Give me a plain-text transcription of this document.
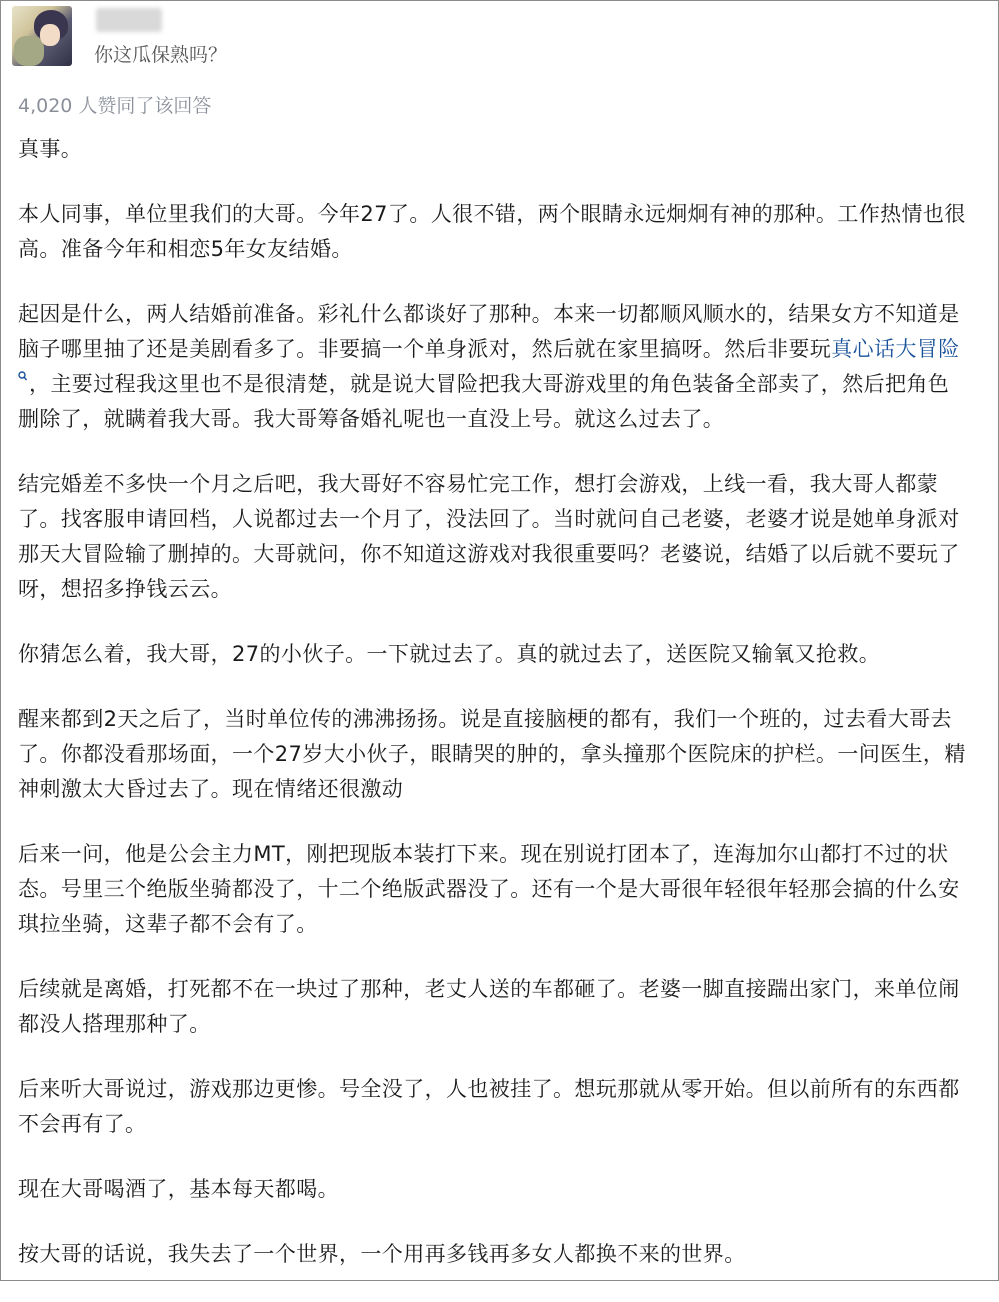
你这瓜保熟吗？
4,020 人赞同了该回答

真事。

本人同事，单位里我们的大哥。今年27了。人很不错，两个眼睛永远炯炯有神的那种。工作热情也很高。准备今年和相恋5年女友结婚。

起因是什么，两人结婚前准备。彩礼什么都谈好了那种。本来一切都顺风顺水的，结果女方不知道是脑子哪里抽了还是美剧看多了。非要搞一个单身派对，然后就在家里搞呀。然后非要玩真心话大冒险，主要过程我这里也不是很清楚，就是说大冒险把我大哥游戏里的角色装备全部卖了，然后把角色删除了，就瞒着我大哥。我大哥筹备婚礼呢也一直没上号。就这么过去了。

结完婚差不多快一个月之后吧，我大哥好不容易忙完工作，想打会游戏，上线一看，我大哥人都蒙了。找客服申请回档，人说都过去一个月了，没法回了。当时就问自己老婆，老婆才说是她单身派对那天大冒险输了删掉的。大哥就问，你不知道这游戏对我很重要吗？老婆说，结婚了以后就不要玩了呀，想招多挣钱云云。

你猜怎么着，我大哥，27的小伙子。一下就过去了。真的就过去了，送医院又输氧又抢救。

醒来都到2天之后了，当时单位传的沸沸扬扬。说是直接脑梗的都有，我们一个班的，过去看大哥去了。你都没看那场面，一个27岁大小伙子，眼睛哭的肿的，拿头撞那个医院床的护栏。一问医生，精神刺激太大昏过去了。现在情绪还很激动

后来一问，他是公会主力MT，刚把现版本装打下来。现在别说打团本了，连海加尔山都打不过的状态。号里三个绝版坐骑都没了，十二个绝版武器没了。还有一个是大哥很年轻很年轻那会搞的什么安琪拉坐骑，这辈子都不会有了。

后续就是离婚，打死都不在一块过了那种，老丈人送的车都砸了。老婆一脚直接踹出家门，来单位闹都没人搭理那种了。

后来听大哥说过，游戏那边更惨。号全没了，人也被挂了。想玩那就从零开始。但以前所有的东西都不会再有了。

现在大哥喝酒了，基本每天都喝。

按大哥的话说，我失去了一个世界，一个用再多钱再多女人都换不来的世界。
